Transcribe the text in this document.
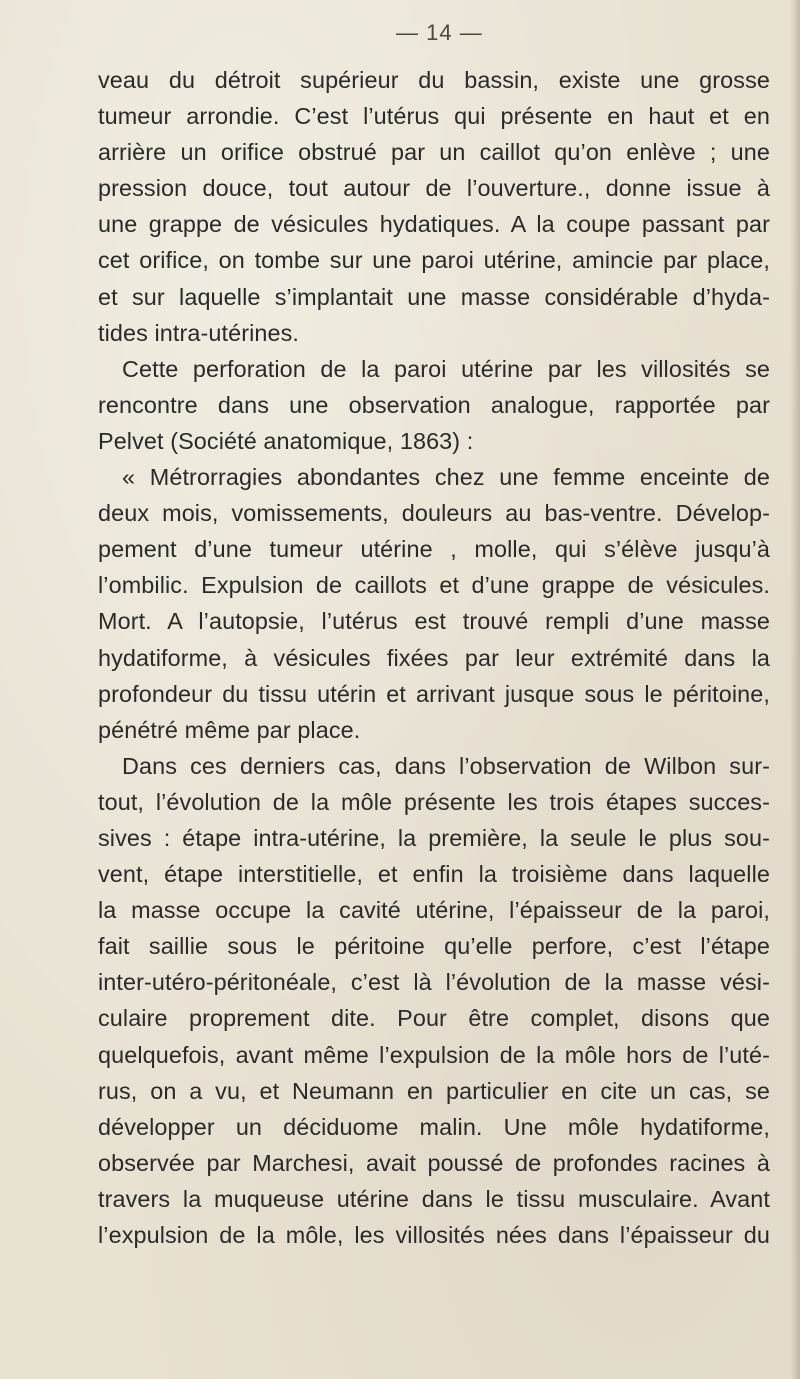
— 14 —
veau du détroit supérieur du bassin, existe une grosse
tumeur arrondie. C’est l’utérus qui présente en haut et en
arrière un orifice obstrué par un caillot qu’on enlève ; une
pression douce, tout autour de l’ouverture., donne issue à
une grappe de vésicules hydatiques. A la coupe passant par
cet orifice, on tombe sur une paroi utérine, amincie par place,
et sur laquelle s’implantait une masse considérable d’hyda-
tides intra-utérines.
Cette perforation de la paroi utérine par les villosités se
rencontre dans une observation analogue, rapportée par
Pelvet (Société anatomique, 1863) :
« Métrorragies abondantes chez une femme enceinte de
deux mois, vomissements, douleurs au bas-ventre. Dévelop-
pement d’une tumeur utérine , molle, qui s’élève jusqu’à
l’ombilic. Expulsion de caillots et d’une grappe de vésicules.
Mort. A l’autopsie, l’utérus est trouvé rempli d’une masse
hydatiforme, à vésicules fixées par leur extrémité dans la
profondeur du tissu utérin et arrivant jusque sous le péritoine,
pénétré même par place.
Dans ces derniers cas, dans l’observation de Wilbon sur-
tout, l’évolution de la môle présente les trois étapes succes-
sives : étape intra-utérine, la première, la seule le plus sou-
vent, étape interstitielle, et enfin la troisième dans laquelle
la masse occupe la cavité utérine, l’épaisseur de la paroi,
fait saillie sous le péritoine qu’elle perfore, c’est l’étape
inter-utéro-péritonéale, c’est là l’évolution de la masse vési-
culaire proprement dite. Pour être complet, disons que
quelquefois, avant même l’expulsion de la môle hors de l’uté-
rus, on a vu, et Neumann en particulier en cite un cas, se
développer un déciduome malin. Une môle hydatiforme,
observée par Marchesi, avait poussé de profondes racines à
travers la muqueuse utérine dans le tissu musculaire. Avant
l’expulsion de la môle, les villosités nées dans l’épaisseur du
